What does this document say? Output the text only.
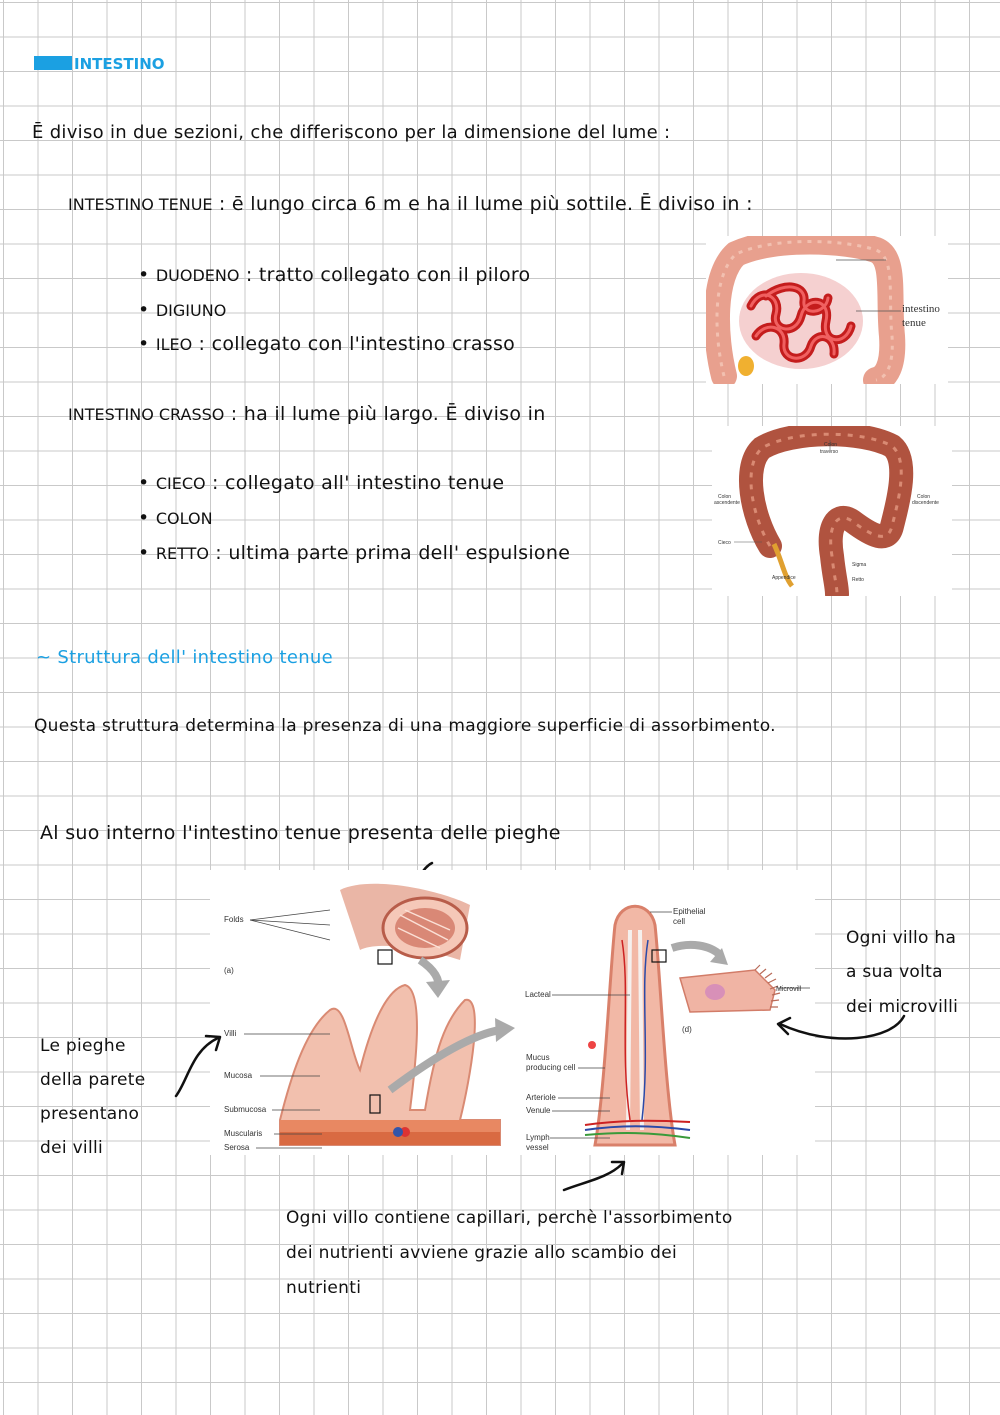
INTESTINO
Ē diviso in due sezioni, che differiscono per la dimensione del lume :
INTESTINO TENUE : ē lungo circa 6 m e ha il lume più sottile. Ē diviso in :
• DUODENO : tratto collegato con il piloro
• DIGIUNO
• ILEO : collegato con l'intestino crasso
intestino
tenue
INTESTINO CRASSO : ha il lume più largo. Ē diviso in
• CIECO : collegato all' intestino tenue
• COLON
• RETTO : ultima parte prima dell' espulsione
Colon
traverso
Colon
ascendente
Colon
discendente
Cieco
Sigma
Appendice	Retto
~ Struttura dell' intestino tenue
Questa struttura determina la presenza di una maggiore superficie di assorbimento.
Al suo interno l'intestino tenue presenta delle pieghe
Folds
(a)
Villi
Mucosa
Submucosa
Muscularis
Serosa
Epithelial
cell
Lacteal
Mucus
producing cell
Arteriole
Venule
Lymph
vessel
(d)
Microvill
Le pieghe
della parete
presentano
dei villi
Ogni villo ha
a sua volta
dei microvilli
Ogni villo contiene capillari, perchè l'assorbimento
dei nutrienti avviene grazie allo scambio dei
nutrienti
